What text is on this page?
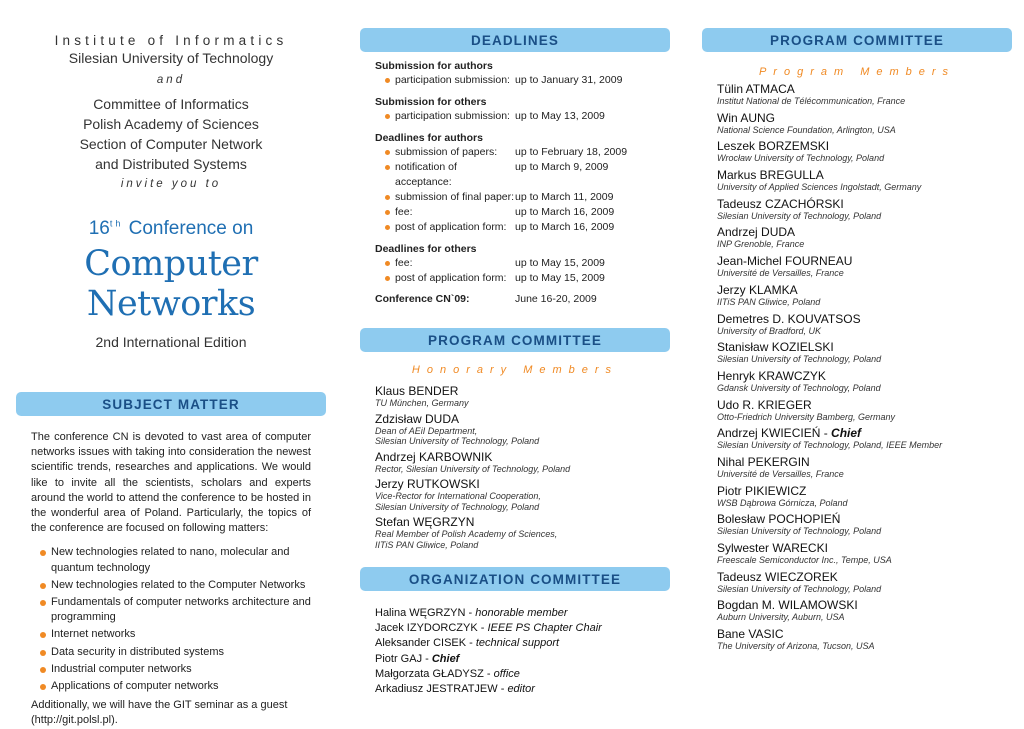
Institute of Informatics
Silesian University of Technology
and
Committee of Informatics
Polish Academy of Sciences
Section of Computer Network
and Distributed Systems
invite you to
16th Conference on
Computer Networks
2nd International Edition
SUBJECT MATTER
The conference CN is devoted to vast area of computer networks issues with taking into consideration the newest scientific trends, researches and applications. We would like to invite all the scientists, scholars and experts around the world to attend the conference to be hosted in the wonderful area of Poland. Particularly, the topics of the conference are focused on following matters:
New technologies related to nano, molecular and quantum technology
New technologies related to the Computer Networks
Fundamentals of computer networks architecture and programming
Internet networks
Data security in distributed systems
Industrial computer networks
Applications of computer networks
Additionally, we will have the GIT seminar as a guest (http://git.polsl.pl).
DEADLINES
Submission for authors
participation submission: up to January 31, 2009
Submission for others
participation submission: up to May 13, 2009
Deadlines for authors
submission of papers:	up to February 18, 2009
notification of acceptance:
up to March 9, 2009
submission of final paper: up to March 11, 2009
fee:	up to March 16, 2009
post of application form: up to March 16, 2009
Deadlines for others
fee:	up to May 15, 2009
post of application form: up to May 15, 2009
Conference CN`09:	June 16-20, 2009
PROGRAM COMMITTEE
Honorary Members
Klaus BENDER
TU München, Germany
Zdzisław DUDA
Dean of AEiI Department,
Silesian University of Technology, Poland
Andrzej KARBOWNIK
Rector, Silesian University of Technology, Poland
Jerzy RUTKOWSKI
Vice-Rector for International Cooperation,
Silesian University of Technology, Poland
Stefan WĘGRZYN
Real Member of Polish Academy of Sciences,
IITiS PAN Gliwice, Poland
ORGANIZATION COMMITTEE
Halina WĘGRZYN - honorable member
Jacek IZYDORCZYK - IEEE PS Chapter Chair
Aleksander CISEK - technical support
Piotr GAJ - Chief
Małgorzata GŁADYSZ - office
Arkadiusz JESTRATJEW - editor
PROGRAM COMMITTEE
Program Members
Tülin ATMACA
Institut National de Télécommunication, France
Win AUNG
National Science Foundation, Arlington, USA
Leszek BORZEMSKI
Wrocław University of Technology, Poland
Markus BREGULLA
University of Applied Sciences Ingolstadt, Germany
Tadeusz CZACHÓRSKI
Silesian University of Technology, Poland
Andrzej DUDA
INP Grenoble, France
Jean-Michel FOURNEAU
Université de Versailles, France
Jerzy KLAMKA
IITiS PAN Gliwice, Poland
Demetres D. KOUVATSOS
University of Bradford, UK
Stanisław KOZIELSKI
Silesian University of Technology, Poland
Henryk KRAWCZYK
Gdansk University of Technology, Poland
Udo R. KRIEGER
Otto-Friedrich University Bamberg, Germany
Andrzej KWIECIEŃ - Chief
Silesian University of Technology, Poland, IEEE Member
Nihal PEKERGIN
Université de Versailles, France
Piotr PIKIEWICZ
WSB Dąbrowa Górnicza, Poland
Bolesław POCHOPIEŃ
Silesian University of Technology, Poland
Sylwester WARECKI
Freescale Semiconductor Inc., Tempe, USA
Tadeusz WIECZOREK
Silesian University of Technology, Poland
Bogdan M. WILAMOWSKI
Auburn University, Auburn, USA
Bane VASIC
The University of Arizona, Tucson, USA
